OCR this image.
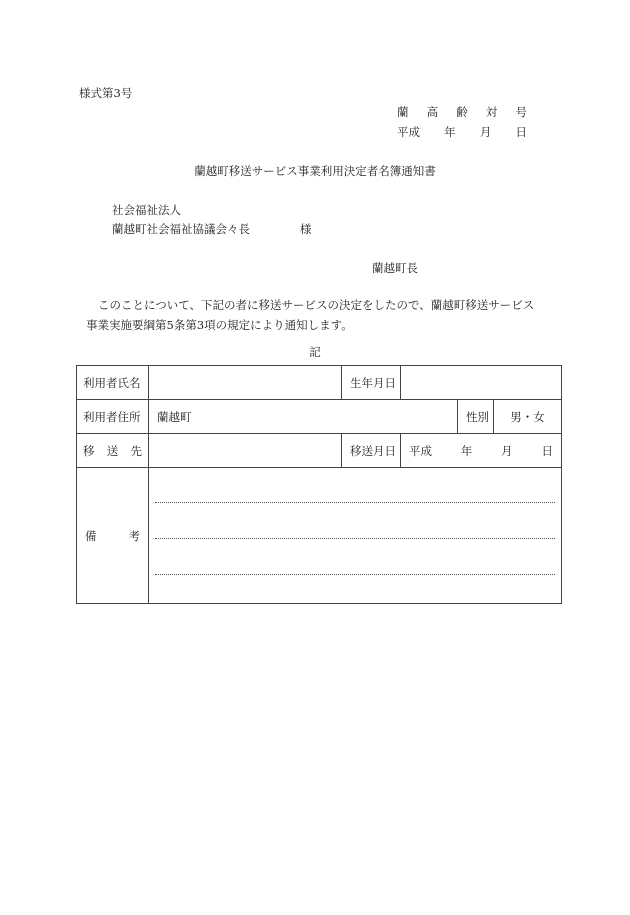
様式第3号
蘭 高 齢 対 号
平成 年 月 日
蘭越町移送サービス事業利用決定者名簿通知書
社会福祉法人
蘭越町社会福祉協議会々長	様
蘭越町長
このことについて、下記の者に移送サービスの決定をしたので、蘭越町移送サービス
事業実施要綱第5条第3項の規定により通知します。
記
利用者氏名		生年月日			
利用者住所	蘭越町			性別	男・女

移 送 先		移送月日	平成 年 月 日		

備 考					
